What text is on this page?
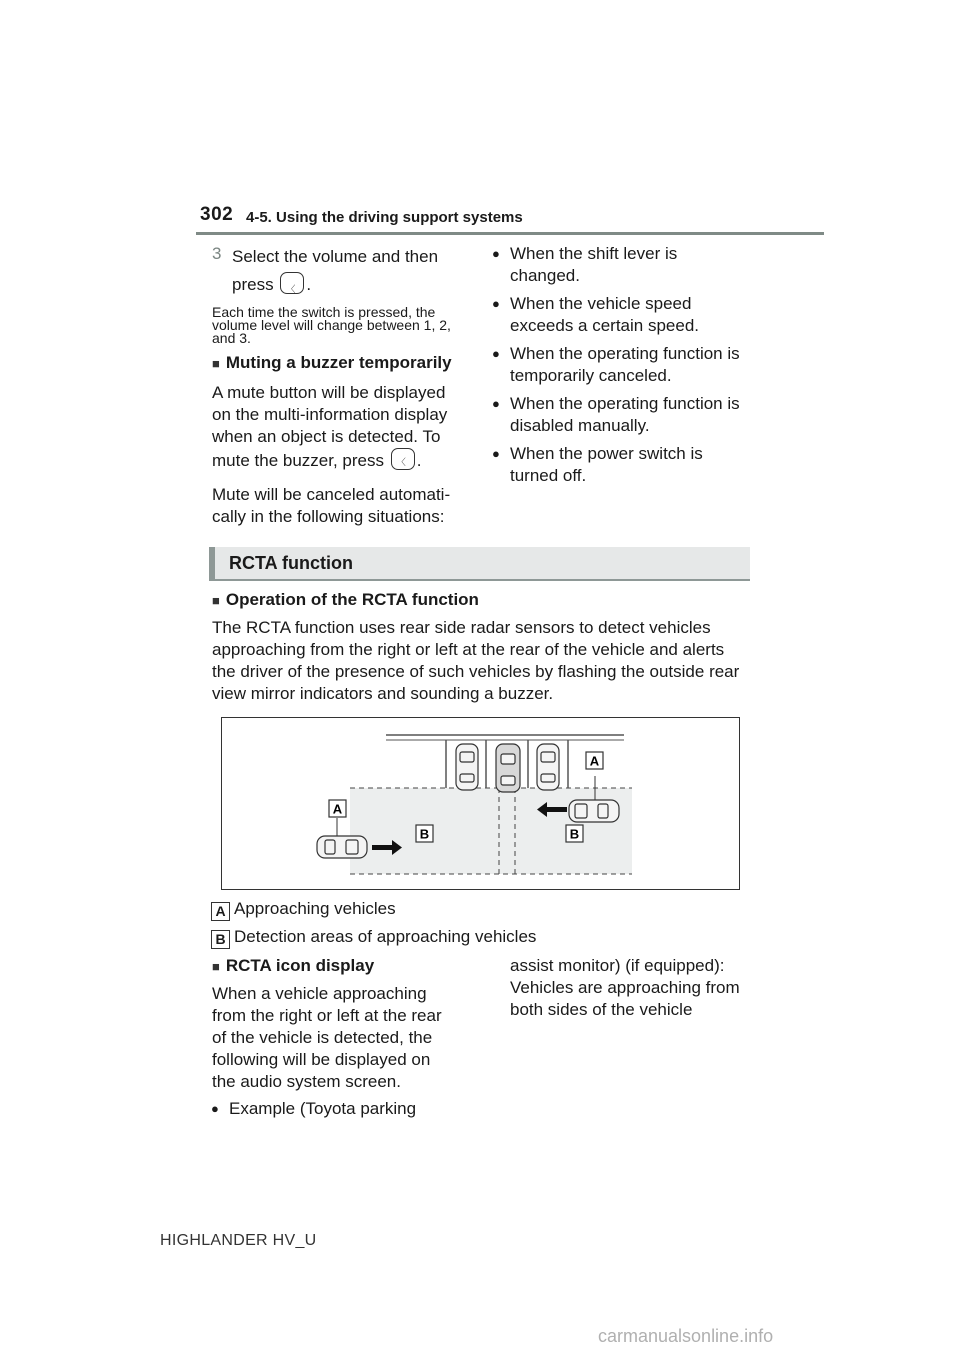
302 4-5. Using the driving support systems
3 Select the volume and then press 〈 .
Each time the switch is pressed, the volume level will change between 1, 2, and 3.
■ Muting a buzzer temporarily
A mute button will be displayed on the multi-information display when an object is detected. To mute the buzzer, press 〈 .
Mute will be canceled automati-cally in the following situations:
● When the shift lever is changed.
● When the vehicle speed exceeds a certain speed.
● When the operating function is temporarily canceled.
● When the operating function is disabled manually.
● When the power switch is turned off.
RCTA function
■ Operation of the RCTA function
The RCTA function uses rear side radar sensors to detect vehicles approaching from the right or left at the rear of the vehicle and alerts the driver of the presence of such vehicles by flashing the outside rear view mirror indicators and sounding a buzzer.
A
A
B	B
A Approaching vehicles
B Detection areas of approaching vehicles
■ RCTA icon display
When a vehicle approaching from the right or left at the rear of the vehicle is detected, the following will be displayed on the audio system screen.
● Example (Toyota parking
assist monitor) (if equipped): Vehicles are approaching from both sides of the vehicle
HIGHLANDER HV_U
carmanualsonline.info
